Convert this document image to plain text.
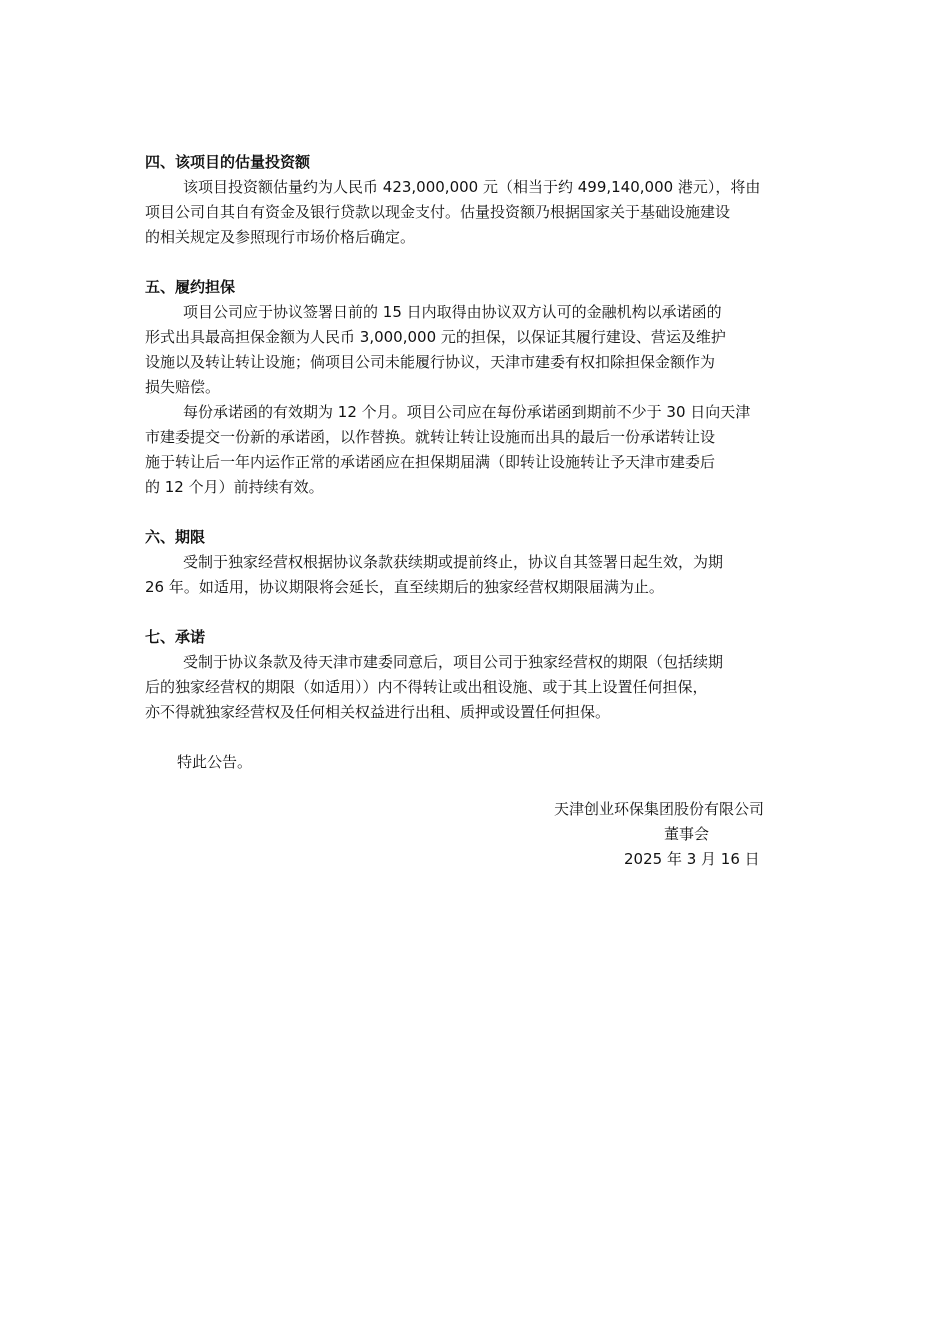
四、该项目的估量投资额
该项目投资额估量约为人民币 423,000,000 元（相当于约 499,140,000 港元），将由
项目公司自其自有资金及银行贷款以现金支付。估量投资额乃根据国家关于基础设施建设
的相关规定及参照现行市场价格后确定。
五、履约担保
项目公司应于协议签署日前的 15 日内取得由协议双方认可的金融机构以承诺函的
形式出具最高担保金额为人民币 3,000,000 元的担保，以保证其履行建设、营运及维护
设施以及转让转让设施；倘项目公司未能履行协议，天津市建委有权扣除担保金额作为
损失赔偿。
每份承诺函的有效期为 12 个月。项目公司应在每份承诺函到期前不少于 30 日向天津
市建委提交一份新的承诺函，以作替换。就转让转让设施而出具的最后一份承诺转让设
施于转让后一年内运作正常的承诺函应在担保期届满（即转让设施转让予天津市建委后
的 12 个月）前持续有效。
六、期限
受制于独家经营权根据协议条款获续期或提前终止，协议自其签署日起生效，为期
26 年。如适用，协议期限将会延长，直至续期后的独家经营权期限届满为止。
七、承诺
受制于协议条款及待天津市建委同意后，项目公司于独家经营权的期限（包括续期
后的独家经营权的期限（如适用））内不得转让或出租设施、或于其上设置任何担保，
亦不得就独家经营权及任何相关权益进行出租、质押或设置任何担保。
特此公告。
天津创业环保集团股份有限公司
董事会
2025 年 3 月 16 日
